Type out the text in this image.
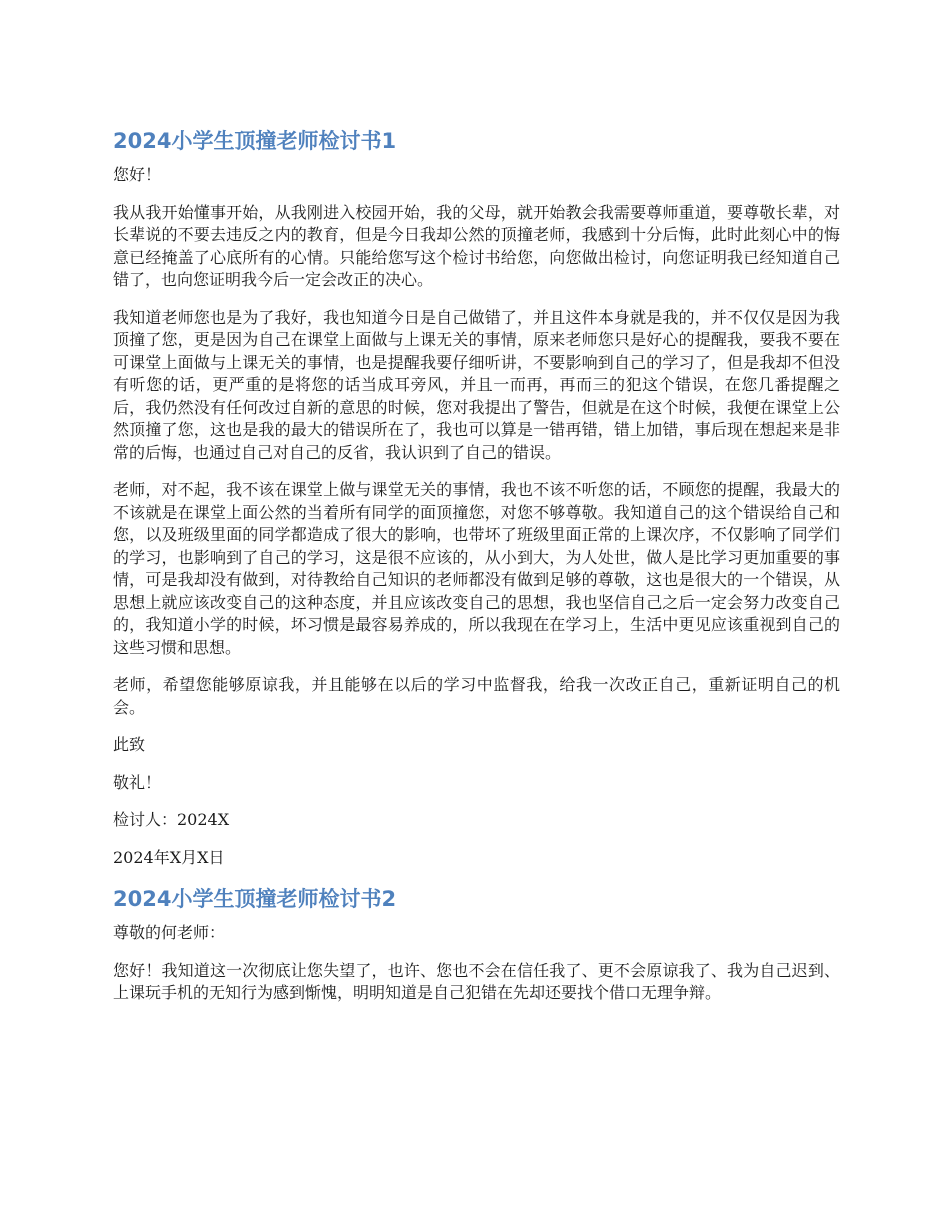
2024小学生顶撞老师检讨书1

您好！

我从我开始懂事开始，从我刚进入校园开始，我的父母，就开始教会我需要尊师重道，要尊敬长辈，对长辈说的不要去违反之内的教育，但是今日我却公然的顶撞老师，我感到十分后悔，此时此刻心中的悔意已经掩盖了心底所有的心情。只能给您写这个检讨书给您，向您做出检讨，向您证明我已经知道自己错了，也向您证明我今后一定会改正的决心。

我知道老师您也是为了我好，我也知道今日是自己做错了，并且这件本身就是我的，并不仅仅是因为我顶撞了您，更是因为自己在课堂上面做与上课无关的事情，原来老师您只是好心的提醒我，要我不要在可课堂上面做与上课无关的事情，也是提醒我要仔细听讲，不要影响到自己的学习了，但是我却不但没有听您的话，更严重的是将您的话当成耳旁风，并且一而再，再而三的犯这个错误，在您几番提醒之后，我仍然没有任何改过自新的意思的时候，您对我提出了警告，但就是在这个时候，我便在课堂上公然顶撞了您，这也是我的最大的错误所在了，我也可以算是一错再错，错上加错，事后现在想起来是非常的后悔，也通过自己对自己的反省，我认识到了自己的错误。

老师，对不起，我不该在课堂上做与课堂无关的事情，我也不该不听您的话，不顾您的提醒，我最大的不该就是在课堂上面公然的当着所有同学的面顶撞您，对您不够尊敬。我知道自己的这个错误给自己和您，以及班级里面的同学都造成了很大的影响，也带坏了班级里面正常的上课次序，不仅影响了同学们的学习，也影响到了自己的学习，这是很不应该的，从小到大，为人处世，做人是比学习更加重要的事情，可是我却没有做到，对待教给自己知识的老师都没有做到足够的尊敬，这也是很大的一个错误，从思想上就应该改变自己的这种态度，并且应该改变自己的思想，我也坚信自己之后一定会努力改变自己的，我知道小学的时候，坏习惯是最容易养成的，所以我现在在学习上，生活中更见应该重视到自己的这些习惯和思想。

老师，希望您能够原谅我，并且能够在以后的学习中监督我，给我一次改正自己，重新证明自己的机会。

此致

敬礼！

检讨人：2024X

2024年X月X日

2024小学生顶撞老师检讨书2

尊敬的何老师：

您好！我知道这一次彻底让您失望了，也许、您也不会在信任我了、更不会原谅我了、我为自己迟到、上课玩手机的无知行为感到惭愧，明明知道是自己犯错在先却还要找个借口无理争辩。
